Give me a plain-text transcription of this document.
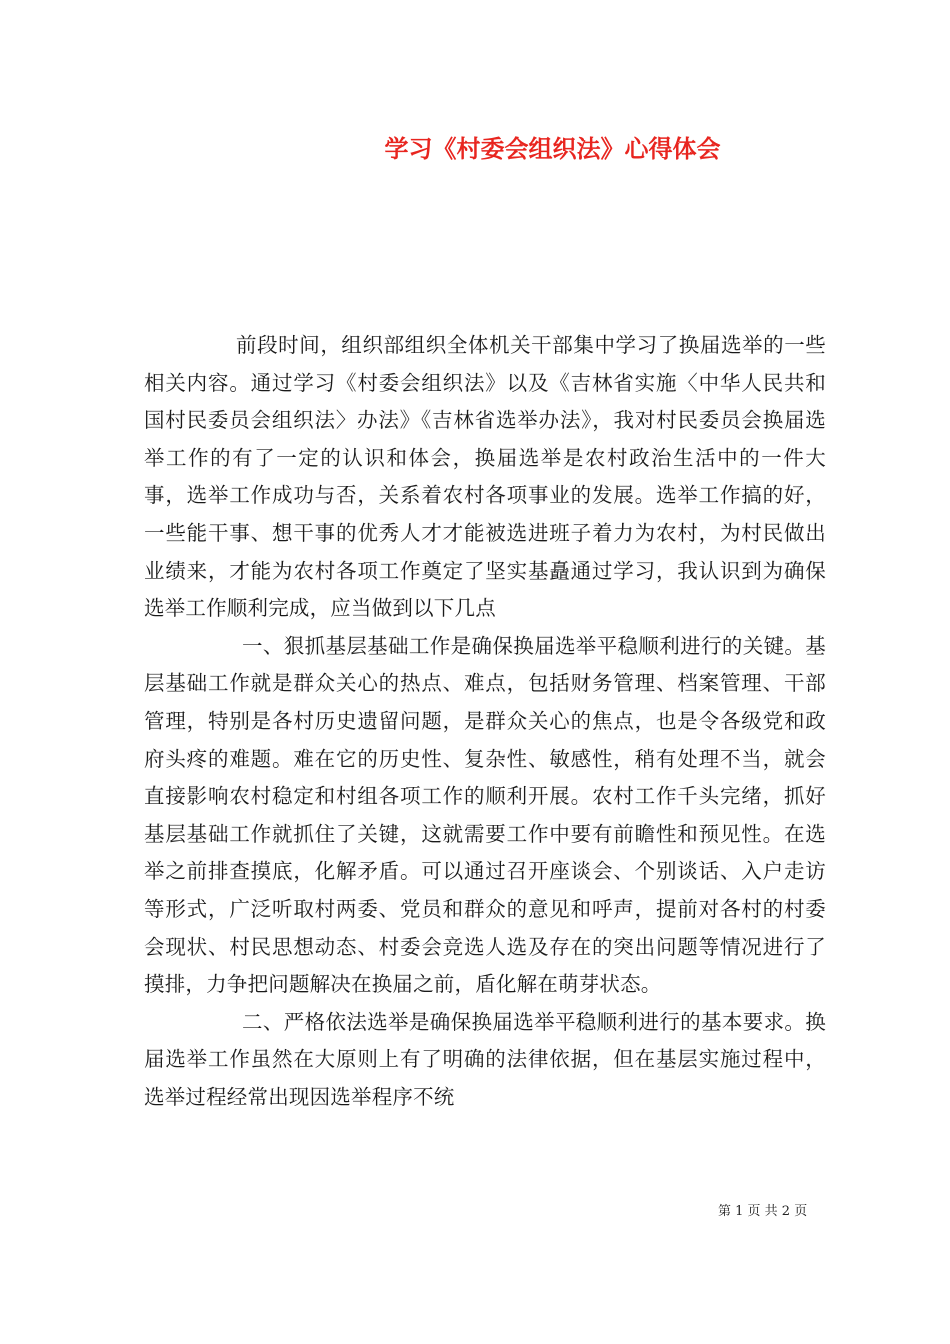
学习《村委会组织法》心得体会

前段时间，组织部组织全体机关干部集中学习了换届选举的一些相关内容。通过学习《村委会组织法》以及《吉林省实施〈中华人民共和国村民委员会组织法〉办法》《吉林省选举办法》，我对村民委员会换届选举工作的有了一定的认识和体会，换届选举是农村政治生活中的一件大事，选举工作成功与否，关系着农村各项事业的发展。选举工作搞的好，一些能干事、想干事的优秀人才才能被选进班子着力为农村，为村民做出业绩来，才能为农村各项工作奠定了坚实基矗通过学习，我认识到为确保选举工作顺利完成，应当做到以下几点

一、狠抓基层基础工作是确保换届选举平稳顺利进行的关键。基层基础工作就是群众关心的热点、难点，包括财务管理、档案管理、干部管理，特别是各村历史遗留问题，是群众关心的焦点，也是令各级党和政府头疼的难题。难在它的历史性、复杂性、敏感性，稍有处理不当，就会直接影响农村稳定和村组各项工作的顺利开展。农村工作千头完绪，抓好基层基础工作就抓住了关键，这就需要工作中要有前瞻性和预见性。在选举之前排查摸底，化解矛盾。可以通过召开座谈会、个别谈话、入户走访等形式，广泛听取村两委、党员和群众的意见和呼声，提前对各村的村委会现状、村民思想动态、村委会竞选人选及存在的突出问题等情况进行了摸排，力争把问题解决在换届之前，盾化解在萌芽状态。

二、严格依法选举是确保换届选举平稳顺利进行的基本要求。换届选举工作虽然在大原则上有了明确的法律依据，但在基层实施过程中，选举过程经常出现因选举程序不统

第 1 页 共 2 页
